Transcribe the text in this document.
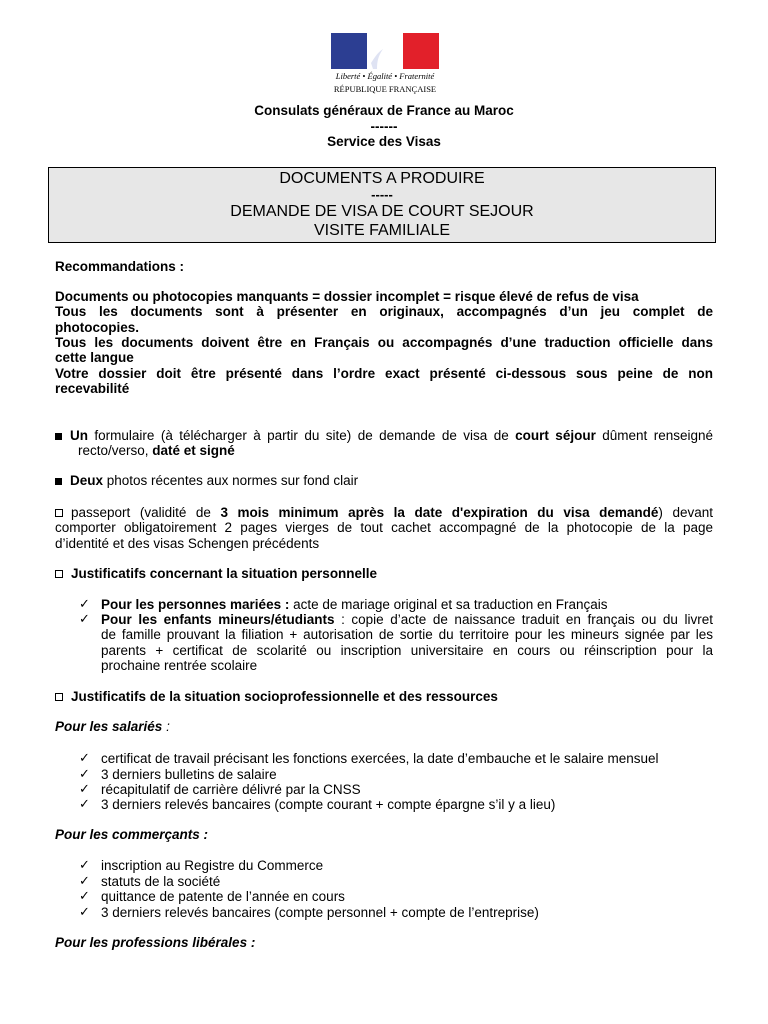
Liberté • Égalité • Fraternité
RÉPUBLIQUE FRANÇAISE
Consulats généraux de France au Maroc
------
Service des Visas
DOCUMENTS A PRODUIRE
-----
DEMANDE DE VISA DE COURT SEJOUR
VISITE FAMILIALE
Recommandations :
Documents ou photocopies manquants = dossier incomplet = risque élevé de refus de visa
Tous les documents sont à présenter en originaux, accompagnés d’un jeu complet de
photocopies.
Tous les documents doivent être en Français ou accompagnés d’une traduction officielle dans
cette langue
Votre dossier doit être présenté dans l’ordre exact présenté ci-dessous sous peine de non
recevabilité
Un formulaire (à télécharger à partir du site) de demande de visa de court séjour dûment renseigné
recto/verso, daté et signé
Deux photos récentes aux normes sur fond clair
passeport (validité de 3 mois minimum après la date d'expiration du visa demandé) devant
comporter obligatoirement 2 pages vierges de tout cachet accompagné de la photocopie de la page
d’identité et des visas Schengen précédents
Justificatifs concernant la situation personnelle
✓ Pour les personnes mariées : acte de mariage original et sa traduction en Français
✓ Pour les enfants mineurs/étudiants : copie d’acte de naissance traduit en français ou du livret
de famille prouvant la filiation + autorisation de sortie du territoire pour les mineurs signée par les
parents + certificat de scolarité ou inscription universitaire en cours ou réinscription pour la
prochaine rentrée scolaire
Justificatifs de la situation socioprofessionnelle et des ressources
Pour les salariés :
✓ certificat de travail précisant les fonctions exercées, la date d’embauche et le salaire mensuel
✓ 3 derniers bulletins de salaire
✓ récapitulatif de carrière délivré par la CNSS
✓ 3 derniers relevés bancaires (compte courant + compte épargne s’il y a lieu)
Pour les commerçants :
✓ inscription au Registre du Commerce
✓ statuts de la société
✓ quittance de patente de l’année en cours
✓ 3 derniers relevés bancaires (compte personnel + compte de l’entreprise)
Pour les professions libérales :
